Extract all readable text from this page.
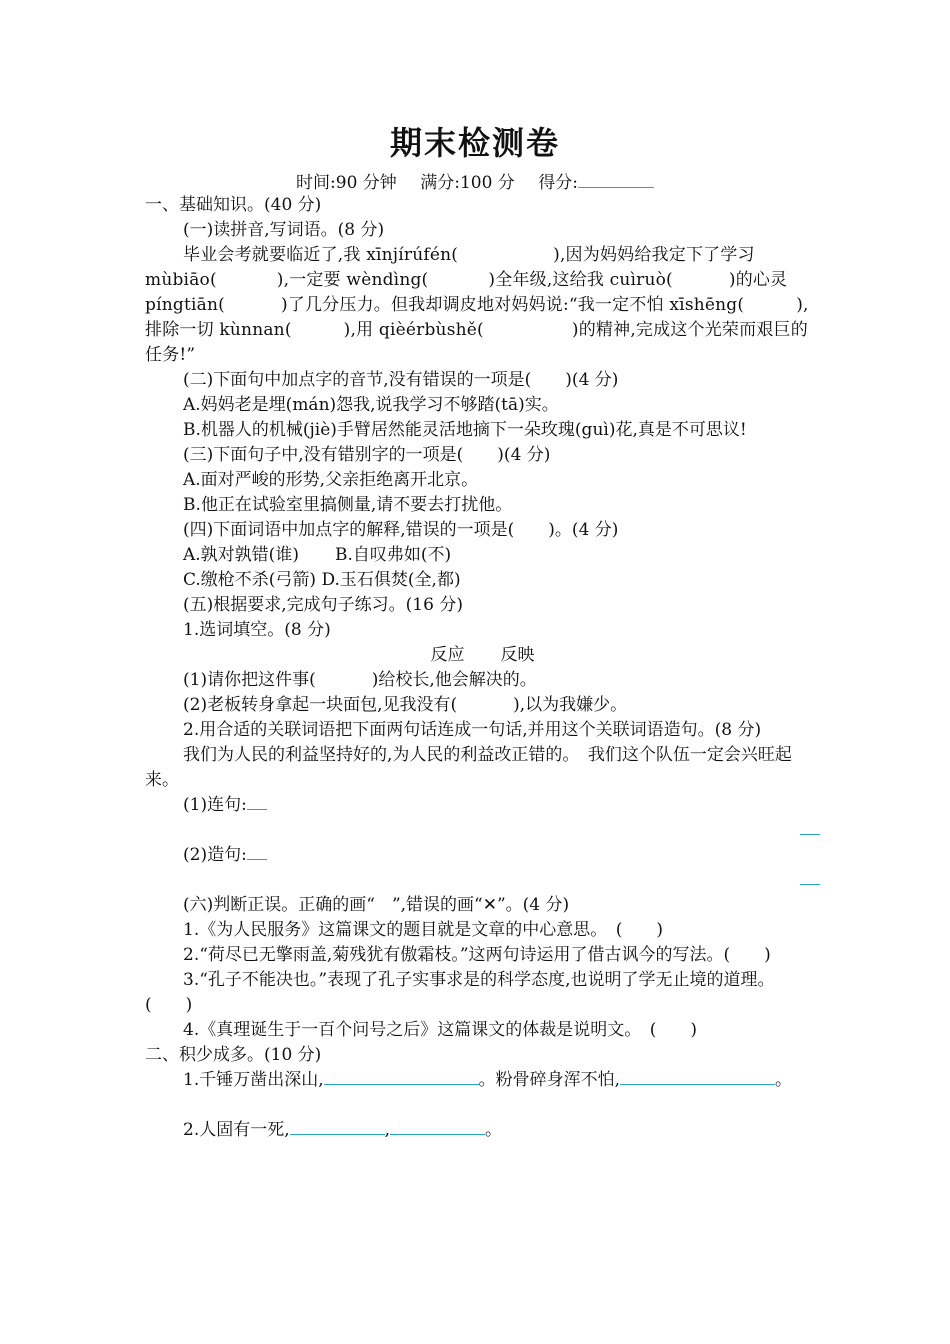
期末检测卷
时间:90 分钟 满分:100 分 得分:

一、基础知识。(40 分)

(一)读拼音,写词语。(8 分)

毕业会考就要临近了,我 xīnjírúfén(	),因为妈妈给我定下了学习 mùbiāo(	),一定要 wèndìng(	)全年级,这给我 cuìruò(	)的心灵 píngtiān(	)了几分压力。但我却调皮地对妈妈说:“我一定不怕 xīshēng(	),排除一切 kùnnan(	),用 qièérbùshě(	)的精神,完成这个光荣而艰巨的任务!”

(二)下面句中加点字的音节,没有错误的一项是(　　)(4 分)

A.妈妈老是埋(mán)怨我,说我学习不够踏(tā)实。

B.机器人的机械(jiè)手臂居然能灵活地摘下一朵玫瑰(guì)花,真是不可思议!

(三)下面句子中,没有错别字的一项是(　　)(4 分)

A.面对严峻的形势,父亲拒绝离开北京。

B.他正在试验室里搞侧量,请不要去打扰他。

(四)下面词语中加点字的解释,错误的一项是(　　)。(4 分)

A.孰对孰错(谁) B.自叹弗如(不)

C.缴枪不杀(弓箭) D.玉石俱焚(全,都)

(五)根据要求,完成句子练习。(16 分)

1.选词填空。(8 分)

反应 反映

(1)请你把这件事(	)给校长,他会解决的。

(2)老板转身拿起一块面包,见我没有(	),以为我嫌少。

2.用合适的关联词语把下面两句话连成一句话,并用这个关联词语造句。(8 分)

我们为人民的利益坚持好的,为人民的利益改正错的。　我们这个队伍一定会兴旺起来。

(1)连句:

(2)造句:

(六)判断正误。正确的画“　”,错误的画“✕”。(4 分)

1.《为人民服务》这篇课文的题目就是文章的中心意思。　(　　)

2.“荷尽已无擎雨盖,菊残犹有傲霜枝。”这两句诗运用了借古讽今的写法。(　　)

3.“孔子不能决也。”表现了孔子实事求是的科学态度,也说明了学无止境的道理。　(　　)

4.《真理诞生于一百个问号之后》这篇课文的体裁是说明文。　(　　)

二、积少成多。(10 分)

1.千锤万凿出深山,	。粉骨碎身浑不怕,	。

2.人固有一死,	,	。
